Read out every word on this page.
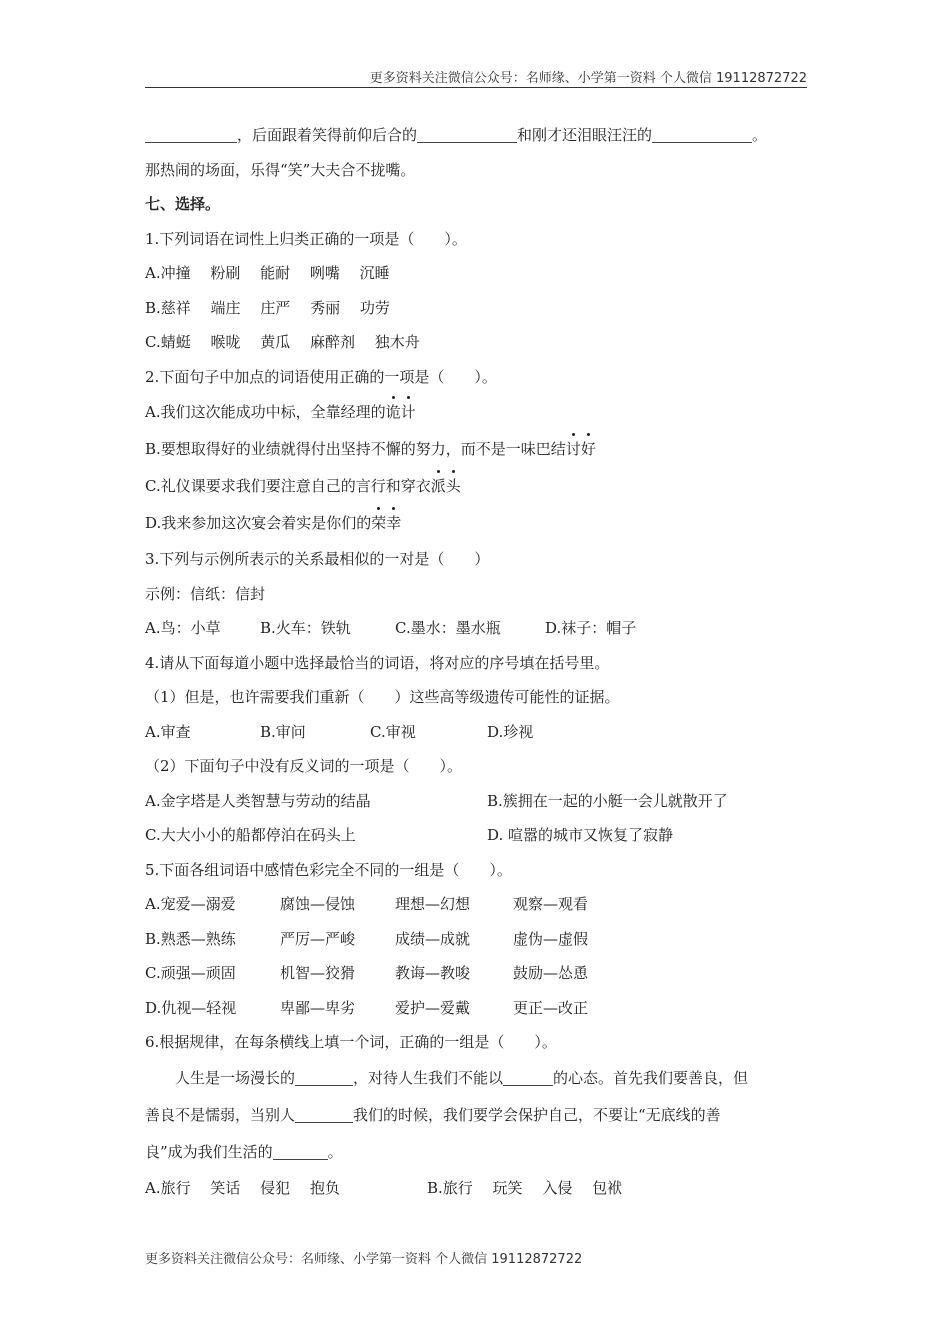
更多资料关注微信公众号：名师缘、小学第一资料 个人微信 19112872722
，后面跟着笑得前仰后合的	和刚才还泪眼汪汪的	。
那热闹的场面，乐得“笑”大夫合不拢嘴。
七、选择。
1.下列词语在词性上归类正确的一项是（　　）。
A.冲撞　 粉刷　 能耐　 咧嘴　 沉睡
B.慈祥　 端庄　 庄严　 秀丽　 功劳
C.蜻蜓　 喉咙　 黄瓜　 麻醉剂　 独木舟
2.下面句子中加点的词语使用正确的一项是（　　）。
A.我们这次能成功中标，全靠经理的诡计
B.要想取得好的业绩就得付出坚持不懈的努力，而不是一味巴结讨好
C.礼仪课要求我们要注意自己的言行和穿衣派头
D.我来参加这次宴会着实是你们的荣幸
3.下列与示例所表示的关系最相似的一对是（　　）
示例：信纸：信封
A.鸟：小草	B.火车：铁轨	C.墨水：墨水瓶	D.袜子：帽子
4.请从下面每道小题中选择最恰当的词语，将对应的序号填在括号里。
（1）但是，也许需要我们重新（　　）这些高等级遗传可能性的证据。
A.审查	B.审问	C.审视	D.珍视
（2）下面句子中没有反义词的一项是（　　）。
A.金字塔是人类智慧与劳动的结晶	B.簇拥在一起的小艇一会儿就散开了
C.大大小小的船都停泊在码头上	D. 喧嚣的城市又恢复了寂静
5.下面各组词语中感情色彩完全不同的一组是（　　）。
A.宠爱—溺爱	腐蚀—侵蚀	理想—幻想	观察—观看
B.熟悉—熟练	严厉—严峻	成绩—成就	虚伪—虚假
C.顽强—顽固	机智—狡猾	教诲—教唆	鼓励—怂恿
D.仇视—轻视	卑鄙—卑劣	爱护—爱戴	更正—改正
6.根据规律，在每条横线上填一个词，正确的一组是（　　）。
人生是一场漫长的	，对待人生我们不能以	的心态。首先我们要善良，但
善良不是懦弱，当别人	我们的时候，我们要学会保护自己，不要让“无底线的善
良”成为我们生活的	。
A.旅行　 笑话　 侵犯　 抱负	B.旅行　 玩笑　 入侵　 包袱
更多资料关注微信公众号：名师缘、小学第一资料 个人微信 19112872722
